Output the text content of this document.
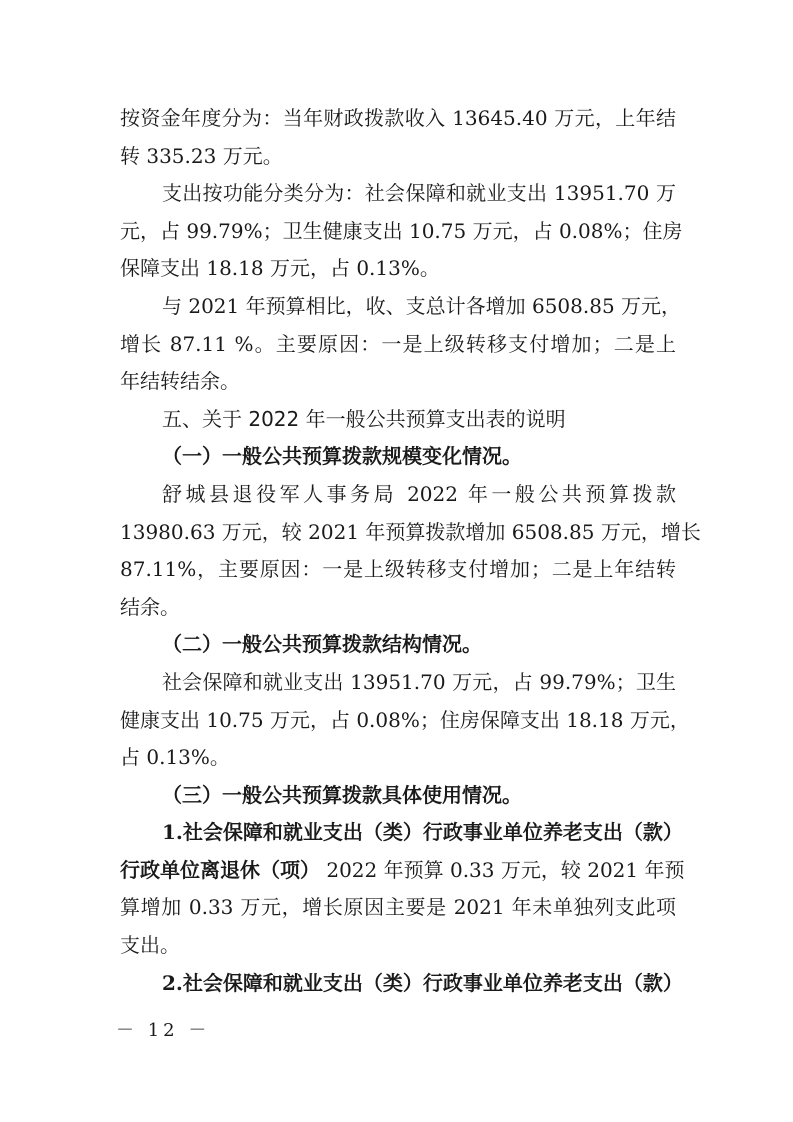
按资金年度分为：当年财政拨款收入 13645.40 万元，上年结
转 335.23 万元。
支出按功能分类分为：社会保障和就业支出 13951.70 万
元，占 99.79%；卫生健康支出 10.75 万元，占 0.08%；住房
保障支出 18.18 万元，占 0.13%。
与 2021 年预算相比，收、支总计各增加 6508.85 万元，
增长 87.11 %。主要原因：一是上级转移支付增加；二是上
年结转结余。
五、关于 2022 年一般公共预算支出表的说明
（一）一般公共预算拨款规模变化情况。
舒城县退役军人事务局 2022 年一般公共预算拨款
13980.63 万元，较 2021 年预算拨款增加 6508.85 万元，增长
87.11%，主要原因：一是上级转移支付增加；二是上年结转
结余。
（二）一般公共预算拨款结构情况。
社会保障和就业支出 13951.70 万元，占 99.79%；卫生
健康支出 10.75 万元，占 0.08%；住房保障支出 18.18 万元，
占 0.13%。
（三）一般公共预算拨款具体使用情况。
1.社会保障和就业支出（类）行政事业单位养老支出（款）
行政单位离退休（项） 2022 年预算 0.33 万元，较 2021 年预
算增加 0.33 万元，增长原因主要是 2021 年未单独列支此项
支出。
2.社会保障和就业支出（类）行政事业单位养老支出（款）
－ 12 －
